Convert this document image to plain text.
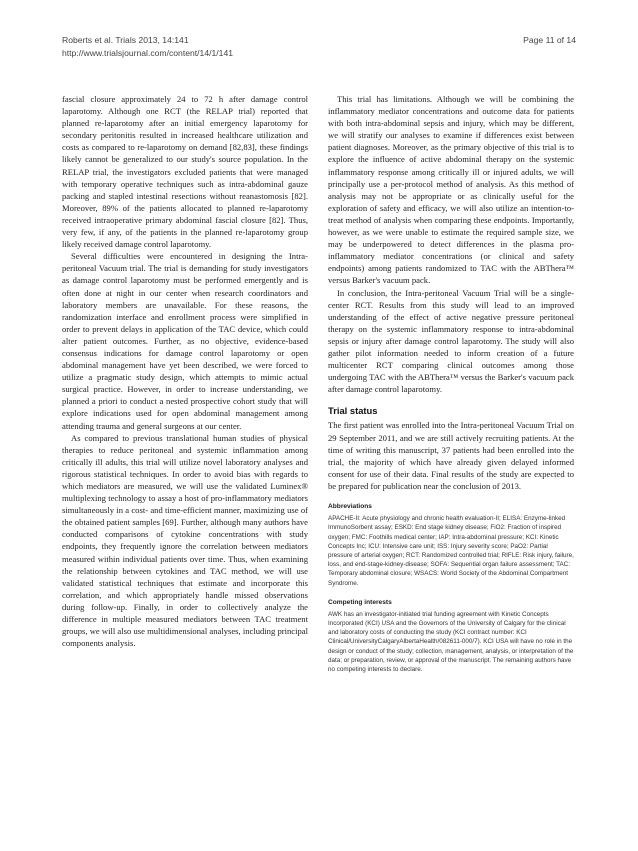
Roberts et al. Trials 2013, 14:141
http://www.trialsjournal.com/content/14/1/141
Page 11 of 14

fascial closure approximately 24 to 72 h after damage control laparotomy. Although one RCT (the RELAP trial) reported that planned re-laparotomy after an initial emergency laparotomy for secondary peritonitis resulted in increased healthcare utilization and costs as compared to re-laparotomy on demand [82,83], these findings likely cannot be generalized to our study's source population. In the RELAP trial, the investigators excluded patients that were managed with temporary operative techniques such as intra-abdominal gauze packing and stapled intestinal resections without reanastomosis [82]. Moreover, 89% of the patients allocated to planned re-laparotomy received intraoperative primary abdominal fascial closure [82]. Thus, very few, if any, of the patients in the planned re-laparotomy group likely received damage control laparotomy.

Several difficulties were encountered in designing the Intra-peritoneal Vacuum trial. The trial is demanding for study investigators as damage control laparotomy must be performed emergently and is often done at night in our center when research coordinators and laboratory members are unavailable. For these reasons, the randomization interface and enrollment process were simplified in order to prevent delays in application of the TAC device, which could alter patient outcomes. Further, as no objective, evidence-based consensus indications for damage control laparotomy or open abdominal management have yet been described, we were forced to utilize a pragmatic study design, which attempts to mimic actual surgical practice. However, in order to increase understanding, we planned a priori to conduct a nested prospective cohort study that will explore indications used for open abdominal management among attending trauma and general surgeons at our center.

As compared to previous translational human studies of physical therapies to reduce peritoneal and systemic inflammation among critically ill adults, this trial will utilize novel laboratory analyses and rigorous statistical techniques. In order to avoid bias with regards to which mediators are measured, we will use the validated Luminex® multiplexing technology to assay a host of pro-inflammatory mediators simultaneously in a cost- and time-efficient manner, maximizing use of the obtained patient samples [69]. Further, although many authors have conducted comparisons of cytokine concentrations with study endpoints, they frequently ignore the correlation between mediators measured within individual patients over time. Thus, when examining the relationship between cytokines and TAC method, we will use validated statistical techniques that estimate and incorporate this correlation, and which appropriately handle missed observations during follow-up. Finally, in order to collectively analyze the difference in multiple measured mediators between TAC treatment groups, we will also use multidimensional analyses, including principal components analysis.

This trial has limitations. Although we will be combining the inflammatory mediator concentrations and outcome data for patients with both intra-abdominal sepsis and injury, which may be different, we will stratify our analyses to examine if differences exist between patient diagnoses. Moreover, as the primary objective of this trial is to explore the influence of active abdominal therapy on the systemic inflammatory response among critically ill or injured adults, we will principally use a per-protocol method of analysis. As this method of analysis may not be appropriate or as clinically useful for the exploration of safety and efficacy, we will also utilize an intention-to-treat method of analysis when comparing these endpoints. Importantly, however, as we were unable to estimate the required sample size, we may be underpowered to detect differences in the plasma pro-inflammatory mediator concentrations (or clinical and safety endpoints) among patients randomized to TAC with the ABThera™ versus Barker's vacuum pack.

In conclusion, the Intra-peritoneal Vacuum Trial will be a single-center RCT. Results from this study will lead to an improved understanding of the effect of active negative pressure peritoneal therapy on the systemic inflammatory response to intra-abdominal sepsis or injury after damage control laparotomy. The study will also gather pilot information needed to inform creation of a future multicenter RCT comparing clinical outcomes among those undergoing TAC with the ABThera™ versus the Barker's vacuum pack after damage control laparotomy.

Trial status

The first patient was enrolled into the Intra-peritoneal Vacuum Trial on 29 September 2011, and we are still actively recruiting patients. At the time of writing this manuscript, 37 patients had been enrolled into the trial, the majority of which have already given delayed informed consent for use of their data. Final results of the study are expected to be prepared for publication near the conclusion of 2013.

Abbreviations

APACHE-II: Acute physiology and chronic health evaluation-II; ELISA: Enzyme-linked ImmunoSorbent assay; ESKD: End stage kidney disease; FiO2: Fraction of inspired oxygen; FMC: Foothills medical center; IAP: Intra-abdominal pressure; KCI: Kinetic Concepts Inc; ICU: Intensive care unit; ISS: Injury severity score; PaO2: Partial pressure of arterial oxygen; RCT: Randomized controlled trial; RIFLE: Risk injury, failure, loss, and end-stage-kidney-disease; SOFA: Sequential organ failure assessment; TAC: Temporary abdominal closure; WSACS: World Society of the Abdominal Compartment Syndrome.

Competing interests

AWK has an investigator-initiated trial funding agreement with Kinetic Concepts Incorporated (KCI) USA and the Governors of the University of Calgary for the clinical and laboratory costs of conducting the study (KCI contract number: KCI Clinical/UniversityCalgaryAlbertaHealth/082611-000/7). KCI USA will have no role in the design or conduct of the study; collection, management, analysis, or interpretation of the data; or preparation, review, or approval of the manuscript. The remaining authors have no competing interests to declare.
